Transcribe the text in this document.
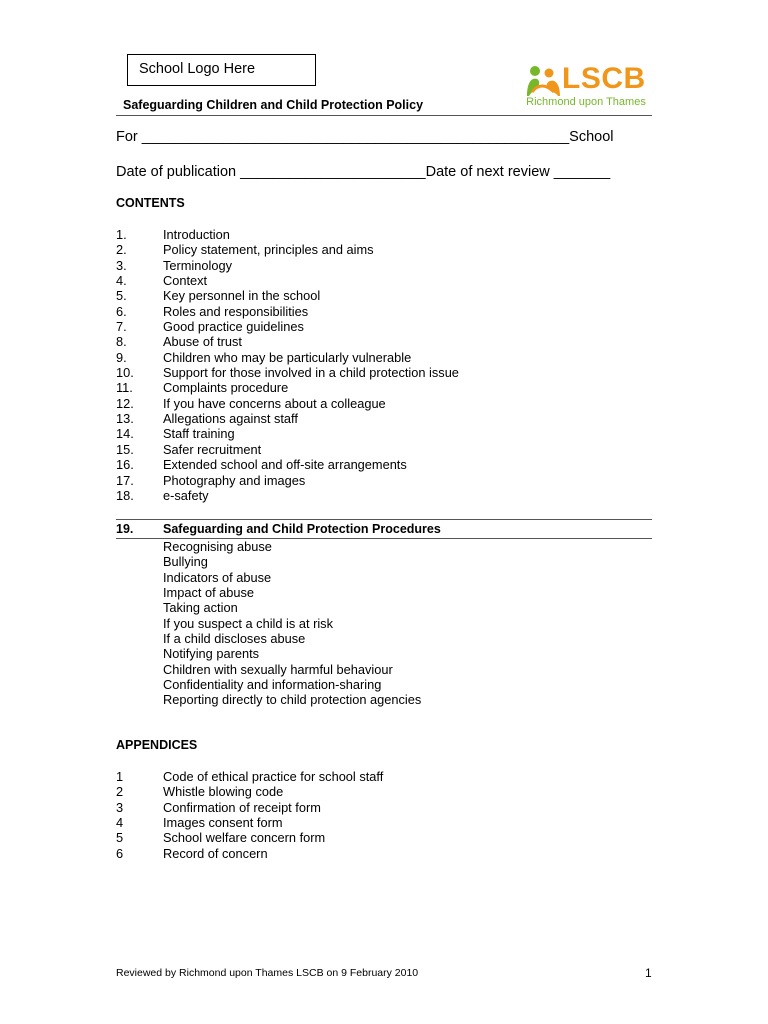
School Logo Here	LSCB
Richmond upon Thames
Safeguarding Children and Child Protection Policy
For _____________________________________________________School
Date of publication _______________________Date of next review _______
CONTENTS
1.	Introduction
2.	Policy statement, principles and aims
3.	Terminology
4.	Context
5.	Key personnel in the school
6.	Roles and responsibilities
7.	Good practice guidelines
8.	Abuse of trust
9.	Children who may be particularly vulnerable
10. Support for those involved in a child protection issue
11. Complaints procedure
12. If you have concerns about a colleague
13. Allegations against staff
14. Staff training
15. Safer recruitment
16. Extended school and off-site arrangements
17. Photography and images
18. e-safety
19. Safeguarding and Child Protection Procedures
Recognising abuse
Bullying
Indicators of abuse
Impact of abuse
Taking action
If you suspect a child is at risk
If a child discloses abuse
Notifying parents
Children with sexually harmful behaviour
Confidentiality and information-sharing
Reporting directly to child protection agencies
APPENDICES
1	Code of ethical practice for school staff
2	Whistle blowing code
3	Confirmation of receipt form
4	Images consent form
5	School welfare concern form
6	Record of concern
Reviewed by Richmond upon Thames LSCB on 9 February 2010	1
